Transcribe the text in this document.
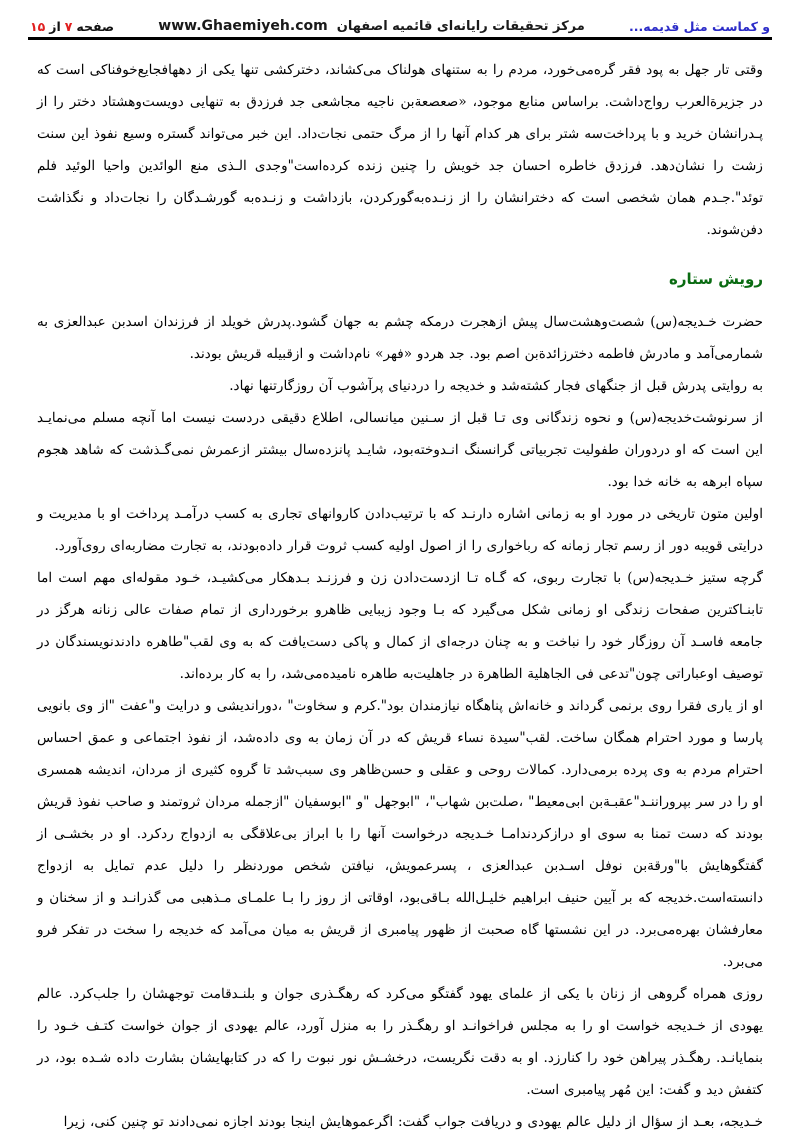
و کماست مثل قدیمه...
مرکز تحقیقات رایانه‌ای قائمیه اصفهان
www.Ghaemiyeh.com
صفحه
۷
از
۱۵

وقتی تار جهل به پود فقر گره‌می‌خورد، مردم را به ستنهای هولناک می‌کشاند، دخترکشی تنها یکی از دههافجایع‌خوفناکی است که در جزیرةالعرب رواج‌داشت. براساس منابع موجود، «صعصعةبن ناجیه مجاشعی جد فرزدق به تنهایی دویست‌وهشتاد دختر را از پـدرانشان خرید و با پرداخت‌سه شتر برای هر کدام آنها را از مرگ حتمی نجات‌داد. این خبر می‌تواند گستره وسیع نفوذ این سنت زشت را نشان‌دهد. فرزدق خاطره احسان جد خویش را چنین زنده کرده‌است"وجدی الـذی منع الوائدین واحیا الوئید فلم توئد".جـدم همان شخصی است که دخترانشان را از زنـده‌به‌گورکردن، بازداشت و زنـده‌به گورشـدگان را نجات‌داد و نگذاشت دفن‌شوند.

رویش ستاره

حضرت خـدیجه(س) شصت‌وهشت‌سال پیش ازهجرت درمکه چشم به جهان گشود.پدرش خویلد از فرزندان اسدبن عبدالعزی به شمارمی‌آمد و مادرش فاطمه دخترزائدة‌بن اصم بود. جد هردو «فهر» نام‌داشت و ازقبیله قریش بودند.

به روایتی پدرش قبل از جنگهای فجار کشته‌شد و خدیجه را دردنیای پرآشوب آن روزگارتنها نهاد.

از سرنوشت‌خدیجه(س) و نحوه زندگانی وی تـا قبل از سـنین میانسالی، اطلاع دقیقی دردست نیست اما آنچه مسلم می‌نمایـد این است که او دردوران طفولیت تجربیاتی گرانسنگ انـدوخته‌بود، شایـد پانزده‌سال بیشتر ازعمرش نمی‌گـذشت که شاهد هجوم سپاه ابرهه به خانه خدا بود.

اولین متون تاریخی در مورد او به زمانی اشاره دارنـد که با ترتیب‌دادن کاروانهای تجاری به کسب درآمـد پرداخت او با مدیریت و درایتی قویبه دور از رسم تجار زمانه که رباخواری را از اصول اولیه کسب ثروت قرار داده‌بودند، به تجارت مضاربه‌ای روی‌آورد.

گرچه ستیز خـدیجه(س) با تجارت ربوی، که گـاه تـا ازدست‌دادن زن و فرزنـد بـدهکار می‌کشیـد، خـود مقوله‌ای مهم است اما تابنـاکترین صفحات زندگی او زمانی شکل می‌گیرد که بـا وجود زیبایی ظاهرو برخورداری از تمام صفات عالی زنانه هرگز در جامعه فاسـد آن روزگار خود را نباخت و به چنان درجه‌ای از کمال و پاکی دست‌یافت که به وی لقب"طاهره دادندنویسندگان در توصیف اوعباراتی چون"تدعی فی الجاهلیة الطاهرة در جاهلیت‌به طاهره نامیده‌می‌شد، را به کار برده‌اند.

او از یاری فقرا روی برنمی گرداند و خانه‌اش پناهگاه نیازمندان بود".کرم و سخاوت" ،دوراندیشی و درایت و"عفت "از وی بانویی پارسا و مورد احترام همگان ساخت. لقب"سیدة نساء قریش که در آن زمان به وی داده‌شد، از نفوذ اجتماعی و عمق احساس احترام مردم به وی پرده برمی‌دارد. کمالات روحی و عقلی و حسن‌ظاهر وی سبب‌شد تا گروه کثیری از مردان، اندیشه همسری او را در سر بپروراننـد"عقبـةبن ابی‌معیط" ،صلت‌بن شهاب"، "ابوجهل "و "ابوسفیان "ازجمله مردان ثروتمند و صاحب نفوذ قریش بودند که دست تمنا به سوی او درازکردندامـا خـدیجه درخواست آنها را با ابراز بی‌علاقگی به ازدواج ردکرد. او در بخشـی از گفتگوهایش با"ورقةبن نوفل اسـدبن عبدالعزی ، پسرعمویش، نیافتن شخص موردنظر را دلیل عدم تمایل به ازدواج دانسته‌است.خدیجه که بر آیین حنیف ابراهیم خلیـل‌الله بـاقی‌بود، اوقاتی از روز را بـا علمـای مـذهبی می گذرانـد و از سخنان و معارفشان بهره‌می‌برد. در این نشستها گاه صحبت از ظهور پیامبری از قریش به میان می‌آمد که خدیجه را سخت در تفکر فرو می‌برد.

روزی همراه گروهی از زنان با یکی از علمای یهود گفتگو می‌کرد که رهگـذری جوان و بلنـدقامت توجهشان را جلب‌کرد. عالم یهودی از خـدیجه خواست او را به مجلس فراخوانـد او رهگـذر را به منزل آورد، عالم یهودی از جوان خواست کتـف خـود را بنمایانـد. رهگـذر پیراهن خود را کنارزد. او به دقت نگریست، درخشـش نور نبوت را که در کتابهایشان بشارت داده شـده بود، در کتفش دید و گفت: این مُهر پیامبری است.

خـدیجه، بعـد از سؤال از دلیل عالم یهودی و دریافت جواب گفت: اگرعموهایش اینجا بودند اجازه نمی‌دادند تو چنین کنی، زیرا
